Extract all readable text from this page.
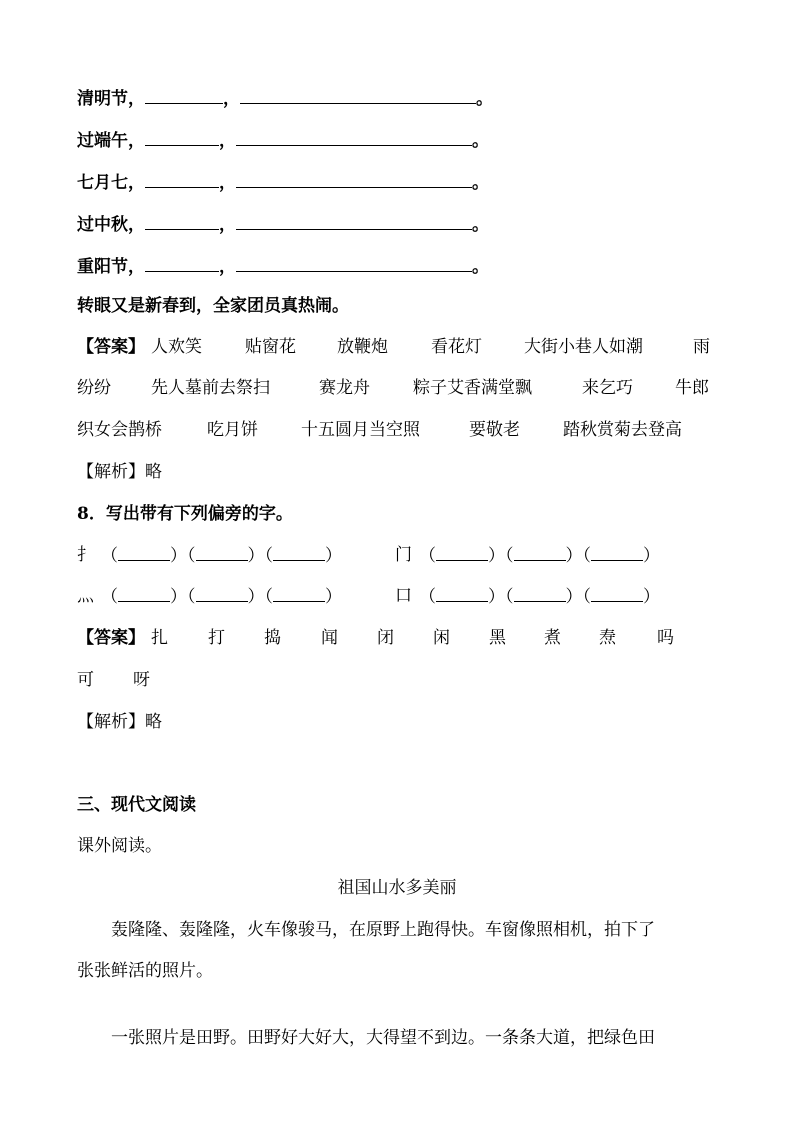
清明节，	，	。
过端午，	，	。
七月七，	，	。
过中秋，	，	。
重阳节，	，	。
转眼又是新春到，全家团员真热闹。
【答案】 人欢笑	贴窗花 放鞭炮	看花灯 大街小巷人如潮	雨
纷纷 先人墓前去祭扫	赛龙舟	粽子艾香满堂飘	来乞巧 牛郎
织女会鹊桥	吃月饼	十五圆月当空照	要敬老	踏秋赏菊去登高
【解析】略
8．写出带有下列偏旁的字。
扌 （	）（	）（	）	门 （	）（	）（	）
灬 （	）（	）（	）	口 （	）（	）（	）
【答案】 扎 打 捣 闻 闭 闲 黑 煮 焘 吗
可 呀
【解析】略
三、现代文阅读
课外阅读。
祖国山水多美丽
轰隆隆、轰隆隆，火车像骏马，在原野上跑得快。车窗像照相机，拍下了
张张鲜活的照片。
一张照片是田野。田野好大好大，大得望不到边。一条条大道，把绿色田
